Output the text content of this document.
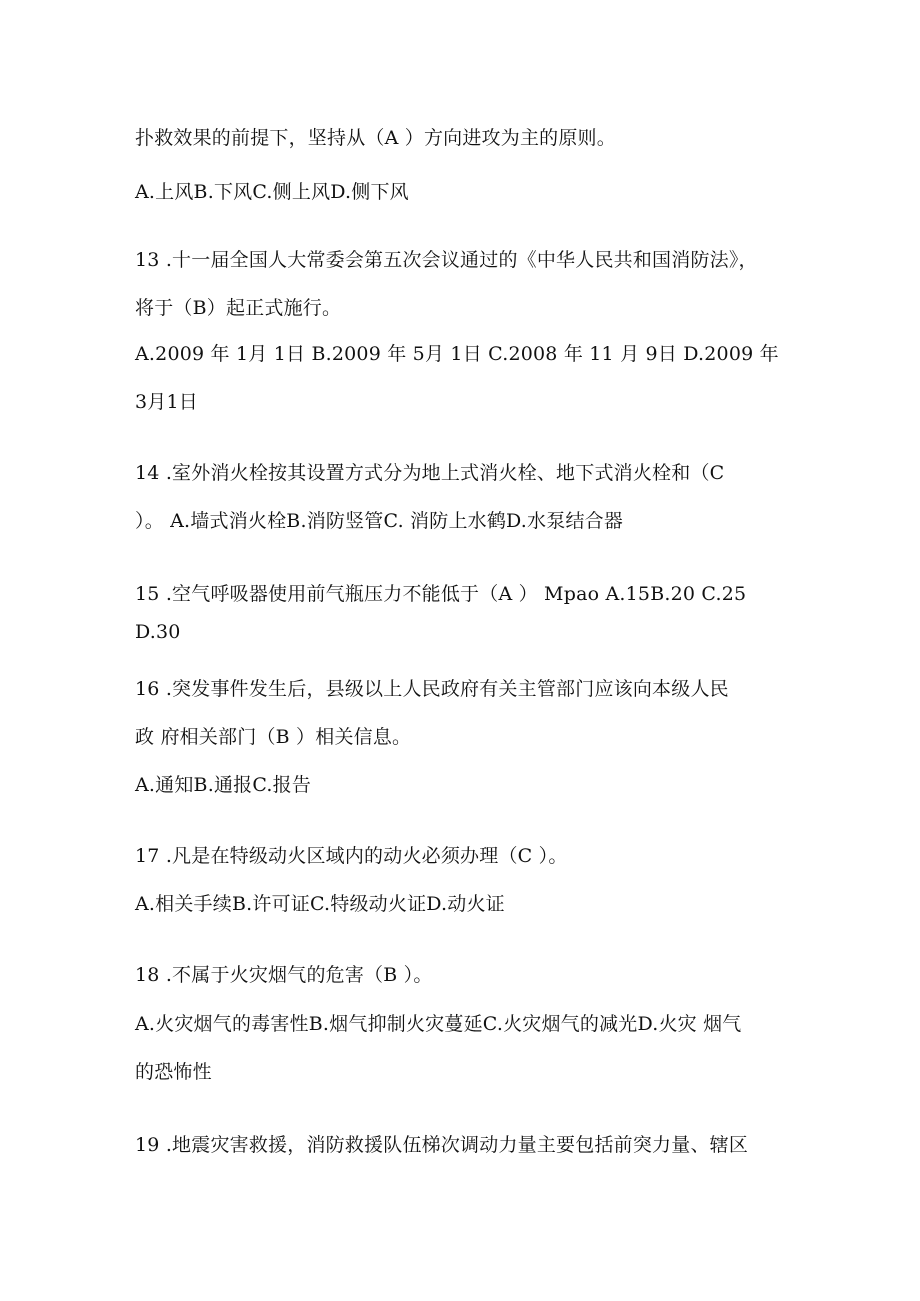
扑救效果的前提下，坚持从（A ）方向进攻为主的原则。
A.上风B.下风C.侧上风D.侧下风
13 .十一届全国人大常委会第五次会议通过的《中华人民共和国消防法》，
将于（B）起正式施行。
A.2009 年 1月 1日 B.2009 年 5月 1日 C.2008 年 11 月 9日 D.2009 年
3月1日
14 .室外消火栓按其设置方式分为地上式消火栓、地下式消火栓和（C
）。 A.墙式消火栓B.消防竖管C. 消防上水鹤D.水泵结合器
15 .空气呼吸器使用前气瓶压力不能低于（A ） Mpao A.15B.20 C.25
D.30
16 .突发事件发生后，县级以上人民政府有关主管部门应该向本级人民
政 府相关部门（B ）相关信息。
A.通知B.通报C.报告
17 .凡是在特级动火区域内的动火必须办理（C ）。
A.相关手续B.许可证C.特级动火证D.动火证
18 .不属于火灾烟气的危害（B ）。
A.火灾烟气的毒害性B.烟气抑制火灾蔓延C.火灾烟气的减光D.火灾 烟气
的恐怖性
19 .地震灾害救援，消防救援队伍梯次调动力量主要包括前突力量、辖区
